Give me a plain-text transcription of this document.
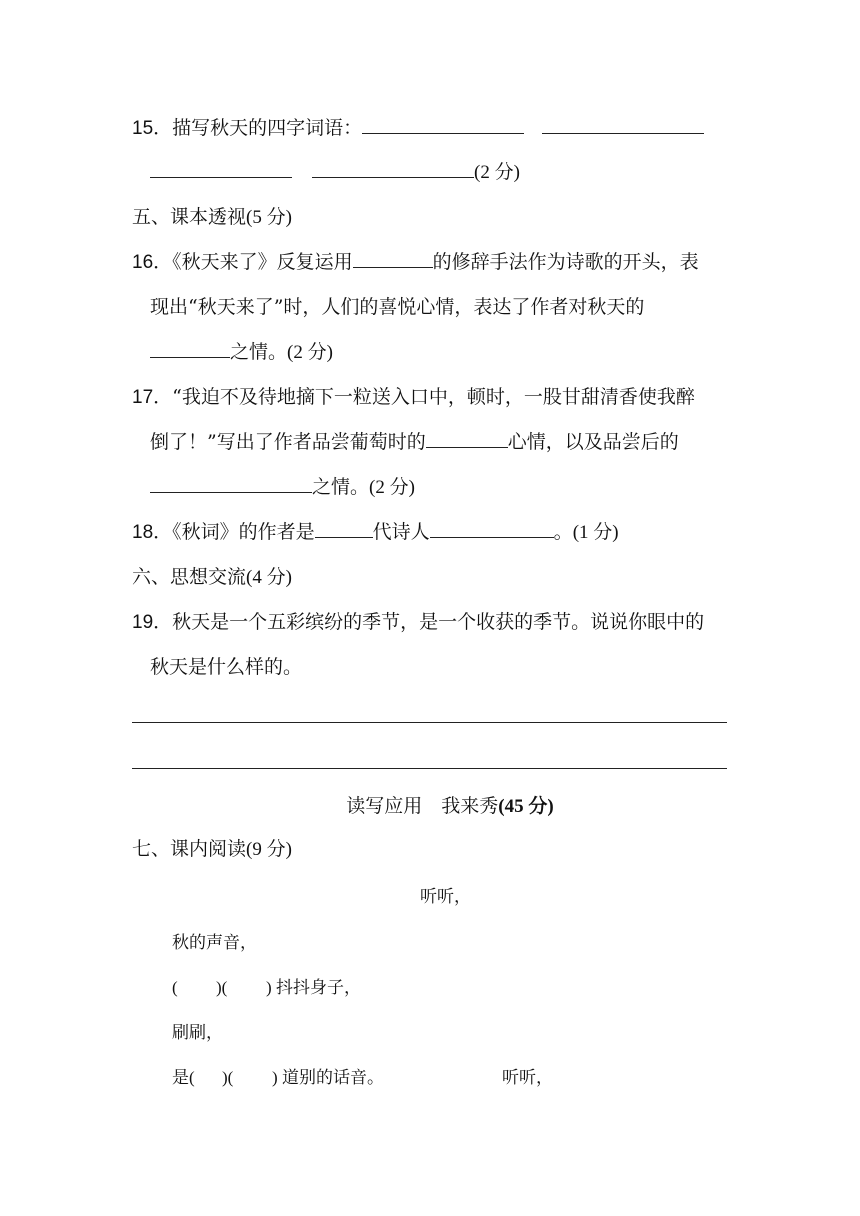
15．描写秋天的四字词语：
(2 分)
五、课本透视(5 分)
16．《秋天来了》反复运用	的修辞手法作为诗歌的开头，表
现出“秋天来了”时，人们的喜悦心情，表达了作者对秋天的
之情。(2 分)
17．“我迫不及待地摘下一粒送入口中，顿时，一股甘甜清香使我醉
倒了！”写出了作者品尝葡萄时的	心情，以及品尝后的
之情。(2 分)
18．《秋词》的作者是	代诗人	。(1 分)
六、思想交流(4 分)
19．秋天是一个五彩缤纷的季节，是一个收获的季节。说说你眼中的
秋天是什么样的。
读写应用　我来秀(45 分)
七、课内阅读(9 分)
听听，
秋的声音，
( )( ) 抖抖身子，
刷刷，
是( )( ) 道别的话音。	听听，
